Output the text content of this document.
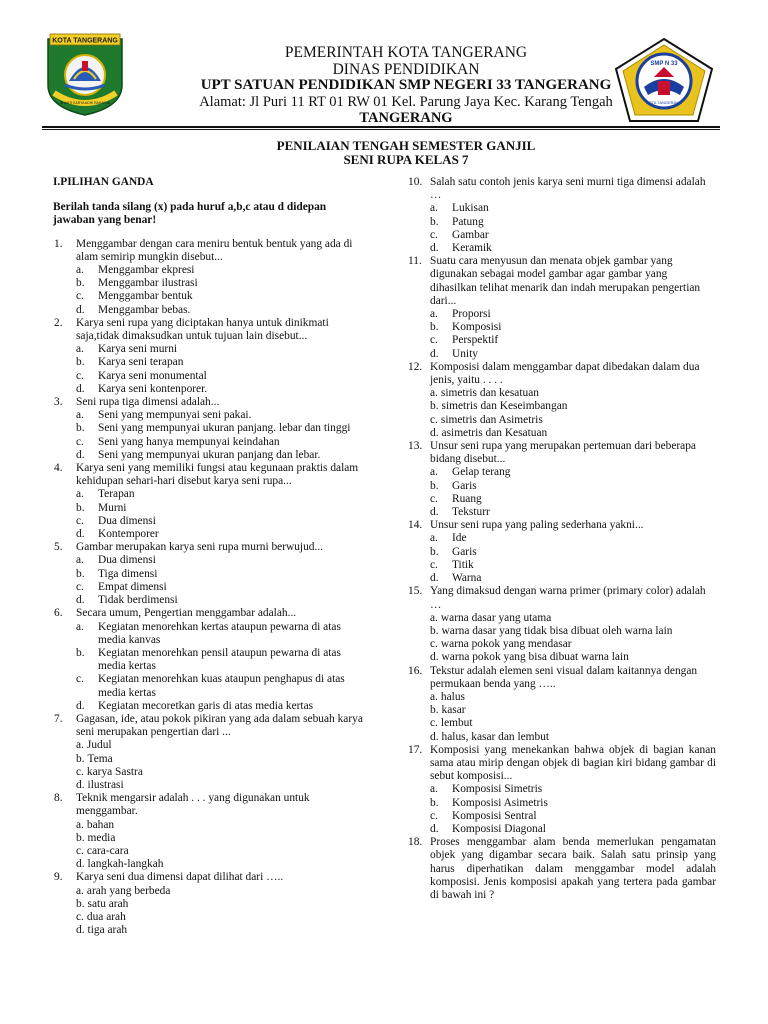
KOTA TANGERANG
BHAKTI KARYA ADHI RAHARJA
SMP N 33
KOTA TANGERANG
PEMERINTAH KOTA TANGERANG
DINAS PENDIDIKAN
UPT SATUAN PENDIDIKAN SMP NEGERI 33 TANGERANG
Alamat: Jl Puri 11 RT 01 RW 01 Kel. Parung Jaya Kec. Karang Tengah
TANGERANG
PENILAIAN TENGAH SEMESTER GANJIL
SENI RUPA KELAS 7
I.PILIHAN GANDA
Berilah tanda silang (x) pada huruf a,b,c atau d didepan jawaban yang benar!
1. Menggambar dengan cara meniru bentuk bentuk yang ada di alam semirip mungkin disebut...
a. Menggambar ekpresi
b. Menggambar ilustrasi
c. Menggambar bentuk
d. Menggambar bebas.
2. Karya seni rupa yang diciptakan hanya untuk dinikmati saja,tidak dimaksudkan untuk tujuan lain disebut...
a. Karya seni murni
b. Karya seni terapan
c. Karya seni monumental
d. Karya seni kontenporer.
3. Seni rupa tiga dimensi adalah...
a. Seni yang mempunyai seni pakai.
b. Seni yang mempunyai ukuran panjang. lebar dan tinggi
c. Seni yang hanya mempunyai keindahan
d. Seni yang mempunyai ukuran panjang dan lebar.
4. Karya seni yang memiliki fungsi atau kegunaan praktis dalam kehidupan sehari-hari disebut karya seni rupa...
a. Terapan
b. Murni
c. Dua dimensi
d. Kontemporer
5. Gambar merupakan karya seni rupa murni berwujud...
a. Dua dimensi
b. Tiga dimensi
c. Empat dimensi
d. Tidak berdimensi
6. Secara umum, Pengertian menggambar adalah...
a. Kegiatan menorehkan kertas ataupun pewarna di atas media kanvas
b. Kegiatan menorehkan pensil ataupun pewarna di atas media kertas
c. Kegiatan menorehkan kuas ataupun penghapus di atas media kertas
d. Kegiatan mecoretkan garis di atas media kertas
7. Gagasan, ide, atau pokok pikiran yang ada dalam sebuah karya seni merupakan pengertian dari ...
a. Judul
b. Tema
c. karya Sastra
d. ilustrasi
8. Teknik mengarsir adalah . . . yang digunakan untuk menggambar.
a. bahan
b. media
c. cara-cara
d. langkah-langkah
9. Karya seni dua dimensi dapat dilihat dari …..
a. arah yang berbeda
b. satu arah
c. dua arah
d. tiga arah
10. Salah satu contoh jenis karya seni murni tiga dimensi adalah …
a. Lukisan
b. Patung
c. Gambar
d. Keramik
11. Suatu cara menyusun dan menata objek gambar yang digunakan sebagai model gambar agar gambar yang dihasilkan telihat menarik dan indah merupakan pengertian dari...
a. Proporsi
b. Komposisi
c. Perspektif
d. Unity
12. Komposisi dalam menggambar dapat dibedakan dalam dua jenis, yaitu . . . .
a. simetris dan kesatuan
b. simetris dan Keseimbangan
c. simetris dan Asimetris
d. asimetris dan Kesatuan
13. Unsur seni rupa yang merupakan pertemuan dari beberapa bidang disebut...
a. Gelap terang
b. Garis
c. Ruang
d. Teksturr
14. Unsur seni rupa yang paling sederhana yakni...
a. Ide
b. Garis
c. Titik
d. Warna
15. Yang dimaksud dengan warna primer (primary color) adalah …
a. warna dasar yang utama
b. warna dasar yang tidak bisa dibuat oleh warna lain
c. warna pokok yang mendasar
d. warna pokok yang bisa dibuat warna lain
16. Tekstur adalah elemen seni visual dalam kaitannya dengan permukaan benda yang …..
a. halus
b. kasar
c. lembut
d. halus, kasar dan lembut
17. Komposisi yang menekankan bahwa objek di bagian kanan sama atau mirip dengan objek di bagian kiri bidang gambar di sebut komposisi...
a. Komposisi Simetris
b. Komposisi Asimetris
c. Komposisi Sentral
d. Komposisi Diagonal
18. Proses menggambar alam benda memerlukan pengamatan objek yang digambar secara baik. Salah satu prinsip yang harus diperhatikan dalam menggambar model adalah komposisi. Jenis komposisi apakah yang tertera pada gambar di bawah ini ?
